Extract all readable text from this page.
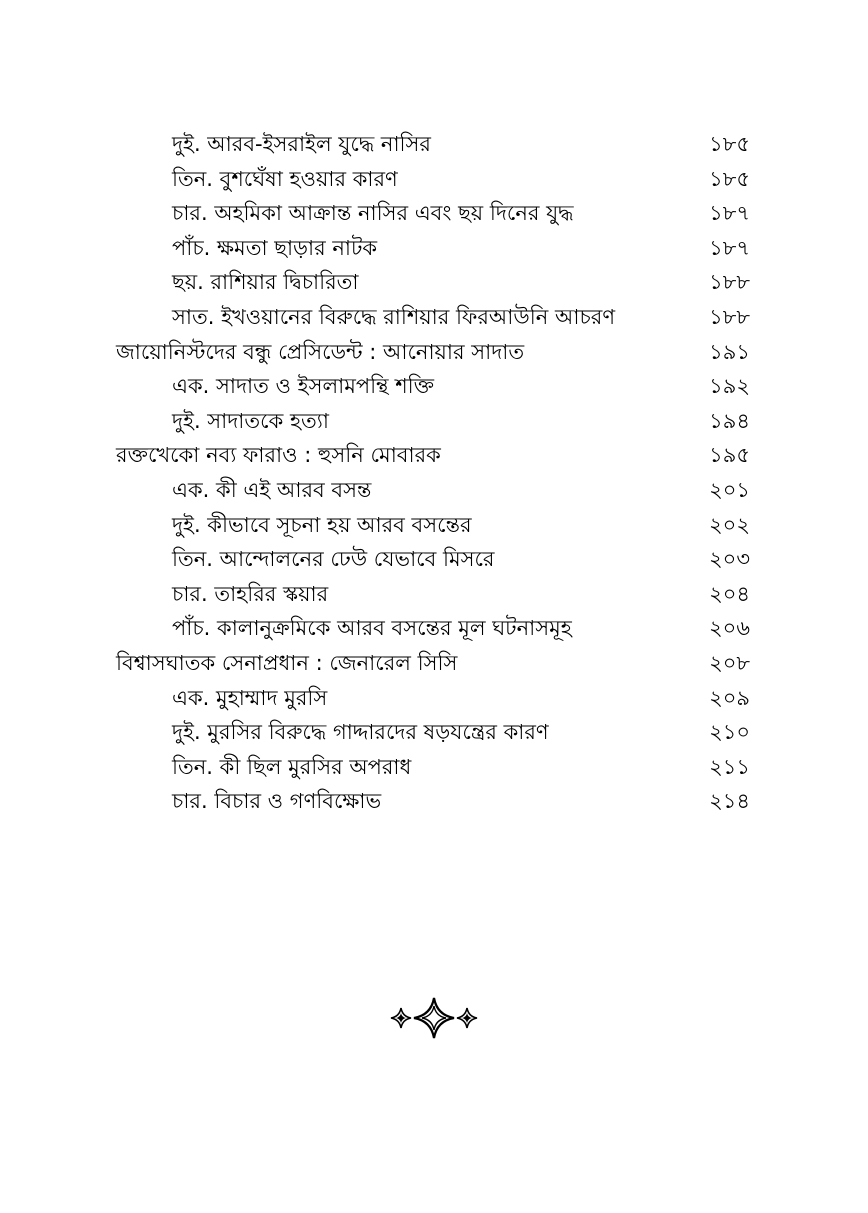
দুই. আরব-ইসরাইল যুদ্ধে নাসির	১৮৫
তিন. বুশঘেঁষা হওয়ার কারণ	১৮৫
চার. অহমিকা আক্রান্ত নাসির এবং ছয় দিনের যুদ্ধ	১৮৭
পাঁচ. ক্ষমতা ছাড়ার নাটক	১৮৭
ছয়. রাশিয়ার দ্বিচারিতা	১৮৮
সাত. ইখওয়ানের বিরুদ্ধে রাশিয়ার ফিরআউনি আচরণ	১৮৮
জায়োনিস্টদের বন্ধু প্রেসিডেন্ট : আনোয়ার সাদাত	১৯১
এক. সাদাত ও ইসলামপন্থি শক্তি	১৯২
দুই. সাদাতকে হত্যা	১৯৪
রক্তখেকো নব্য ফারাও : হুসনি মোবারক	১৯৫
এক. কী এই আরব বসন্ত	২০১
দুই. কীভাবে সূচনা হয় আরব বসন্তের	২০২
তিন. আন্দোলনের ঢেউ যেভাবে মিসরে	২০৩
চার. তাহরির স্কয়ার	২০৪
পাঁচ. কালানুক্রমিকে আরব বসন্তের মূল ঘটনাসমূহ	২০৬
বিশ্বাসঘাতক সেনাপ্রধান : জেনারেল সিসি	২০৮
এক. মুহাম্মাদ মুরসি	২০৯
দুই. মুরসির বিরুদ্ধে গাদ্দারদের ষড়যন্ত্রের কারণ	২১০
তিন. কী ছিল মুরসির অপরাধ	২১১
চার. বিচার ও গণবিক্ষোভ	২১৪
